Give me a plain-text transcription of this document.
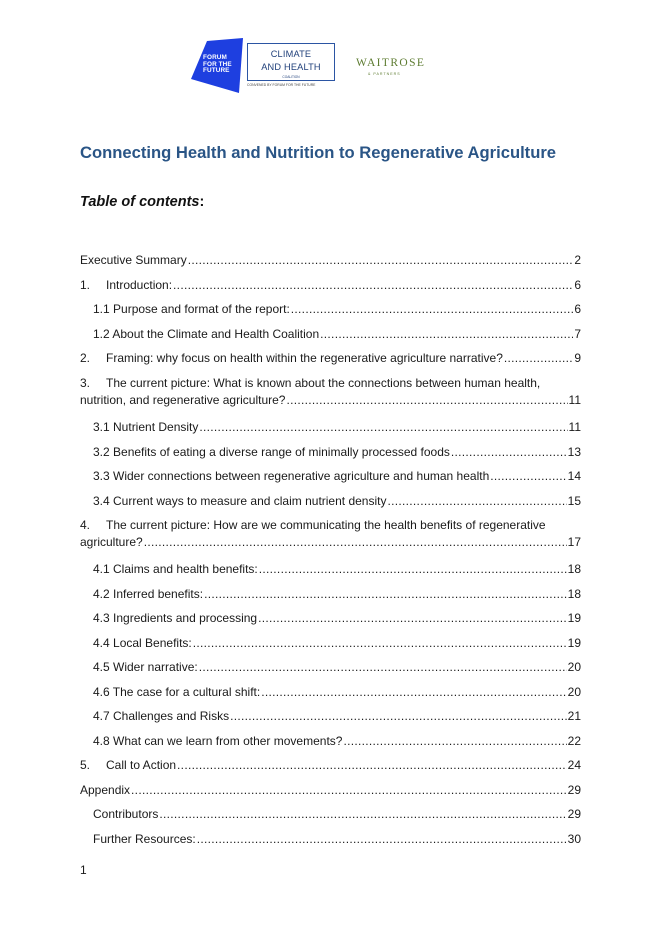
FORUM
FOR THE
FUTURE
CLIMATE
AND HEALTH
COALITION
CONVENED BY FORUM FOR THE FUTURE
WAITROSE
& PARTNERS
Connecting Health and Nutrition to Regenerative Agriculture
Table of contents:
Executive Summary .....	2
1. Introduction: .....	6
1.1 Purpose and format of the report: .....	6
1.2 About the Climate and Health Coalition .....	7
2. Framing: why focus on health within the regenerative agriculture narrative? .....	9
3. The current picture: What is known about the connections between human health,
nutrition, and regenerative agriculture? .....	11
3.1 Nutrient Density .....	11
3.2 Benefits of eating a diverse range of minimally processed foods .....	13
3.3 Wider connections between regenerative agriculture and human health .....	14
3.4 Current ways to measure and claim nutrient density .....	15
4. The current picture: How are we communicating the health benefits of regenerative
agriculture? .....	17
4.1 Claims and health benefits: .....	18
4.2 Inferred benefits: .....	18
4.3 Ingredients and processing .....	19
4.4 Local Benefits: .....	19
4.5 Wider narrative: .....	20
4.6 The case for a cultural shift: .....	20
4.7 Challenges and Risks .....	21
4.8 What can we learn from other movements? .....	22
5. Call to Action .....	24
Appendix .....	29
Contributors .....	29
Further Resources: .....	30
1
